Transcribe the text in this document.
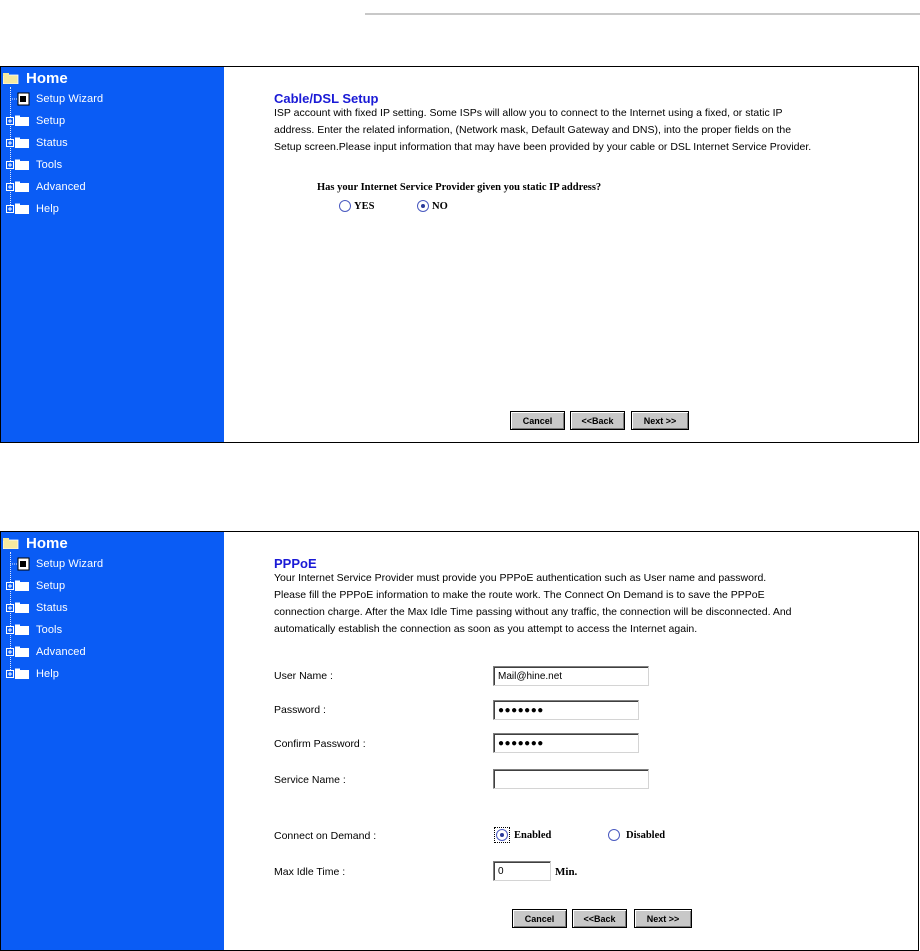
Home
Setup Wizard
Setup
Status
Tools
Advanced
Help
Cable/DSL Setup
ISP account with fixed IP setting. Some ISPs will allow you to connect to the Internet using a fixed, or static IP
address. Enter the related information, (Network mask, Default Gateway and DNS), into the proper fields on the
Setup screen.Please input information that may have been provided by your cable or DSL Internet Service Provider.
Has your Internet Service Provider given you static IP address?
YES	NO
Cancel	<<Back	Next >>
Home
Setup Wizard
Setup
Status
Tools
Advanced
Help
PPPoE
Your Internet Service Provider must provide you PPPoE authentication such as User name and password.
Please fill the PPPoE information to make the route work. The Connect On Demand is to save the PPPoE
connection charge. After the Max Idle Time passing without any traffic, the connection will be disconnected. And
automatically establish the connection as soon as you attempt to access the Internet again.
User Name :	Mail@hine.net
Password :	●●●●●●●
Confirm Password :	●●●●●●●
Service Name :
Connect on Demand :	Enabled	Disabled
Max Idle Time :	0	Min.
Cancel	<<Back	Next >>
